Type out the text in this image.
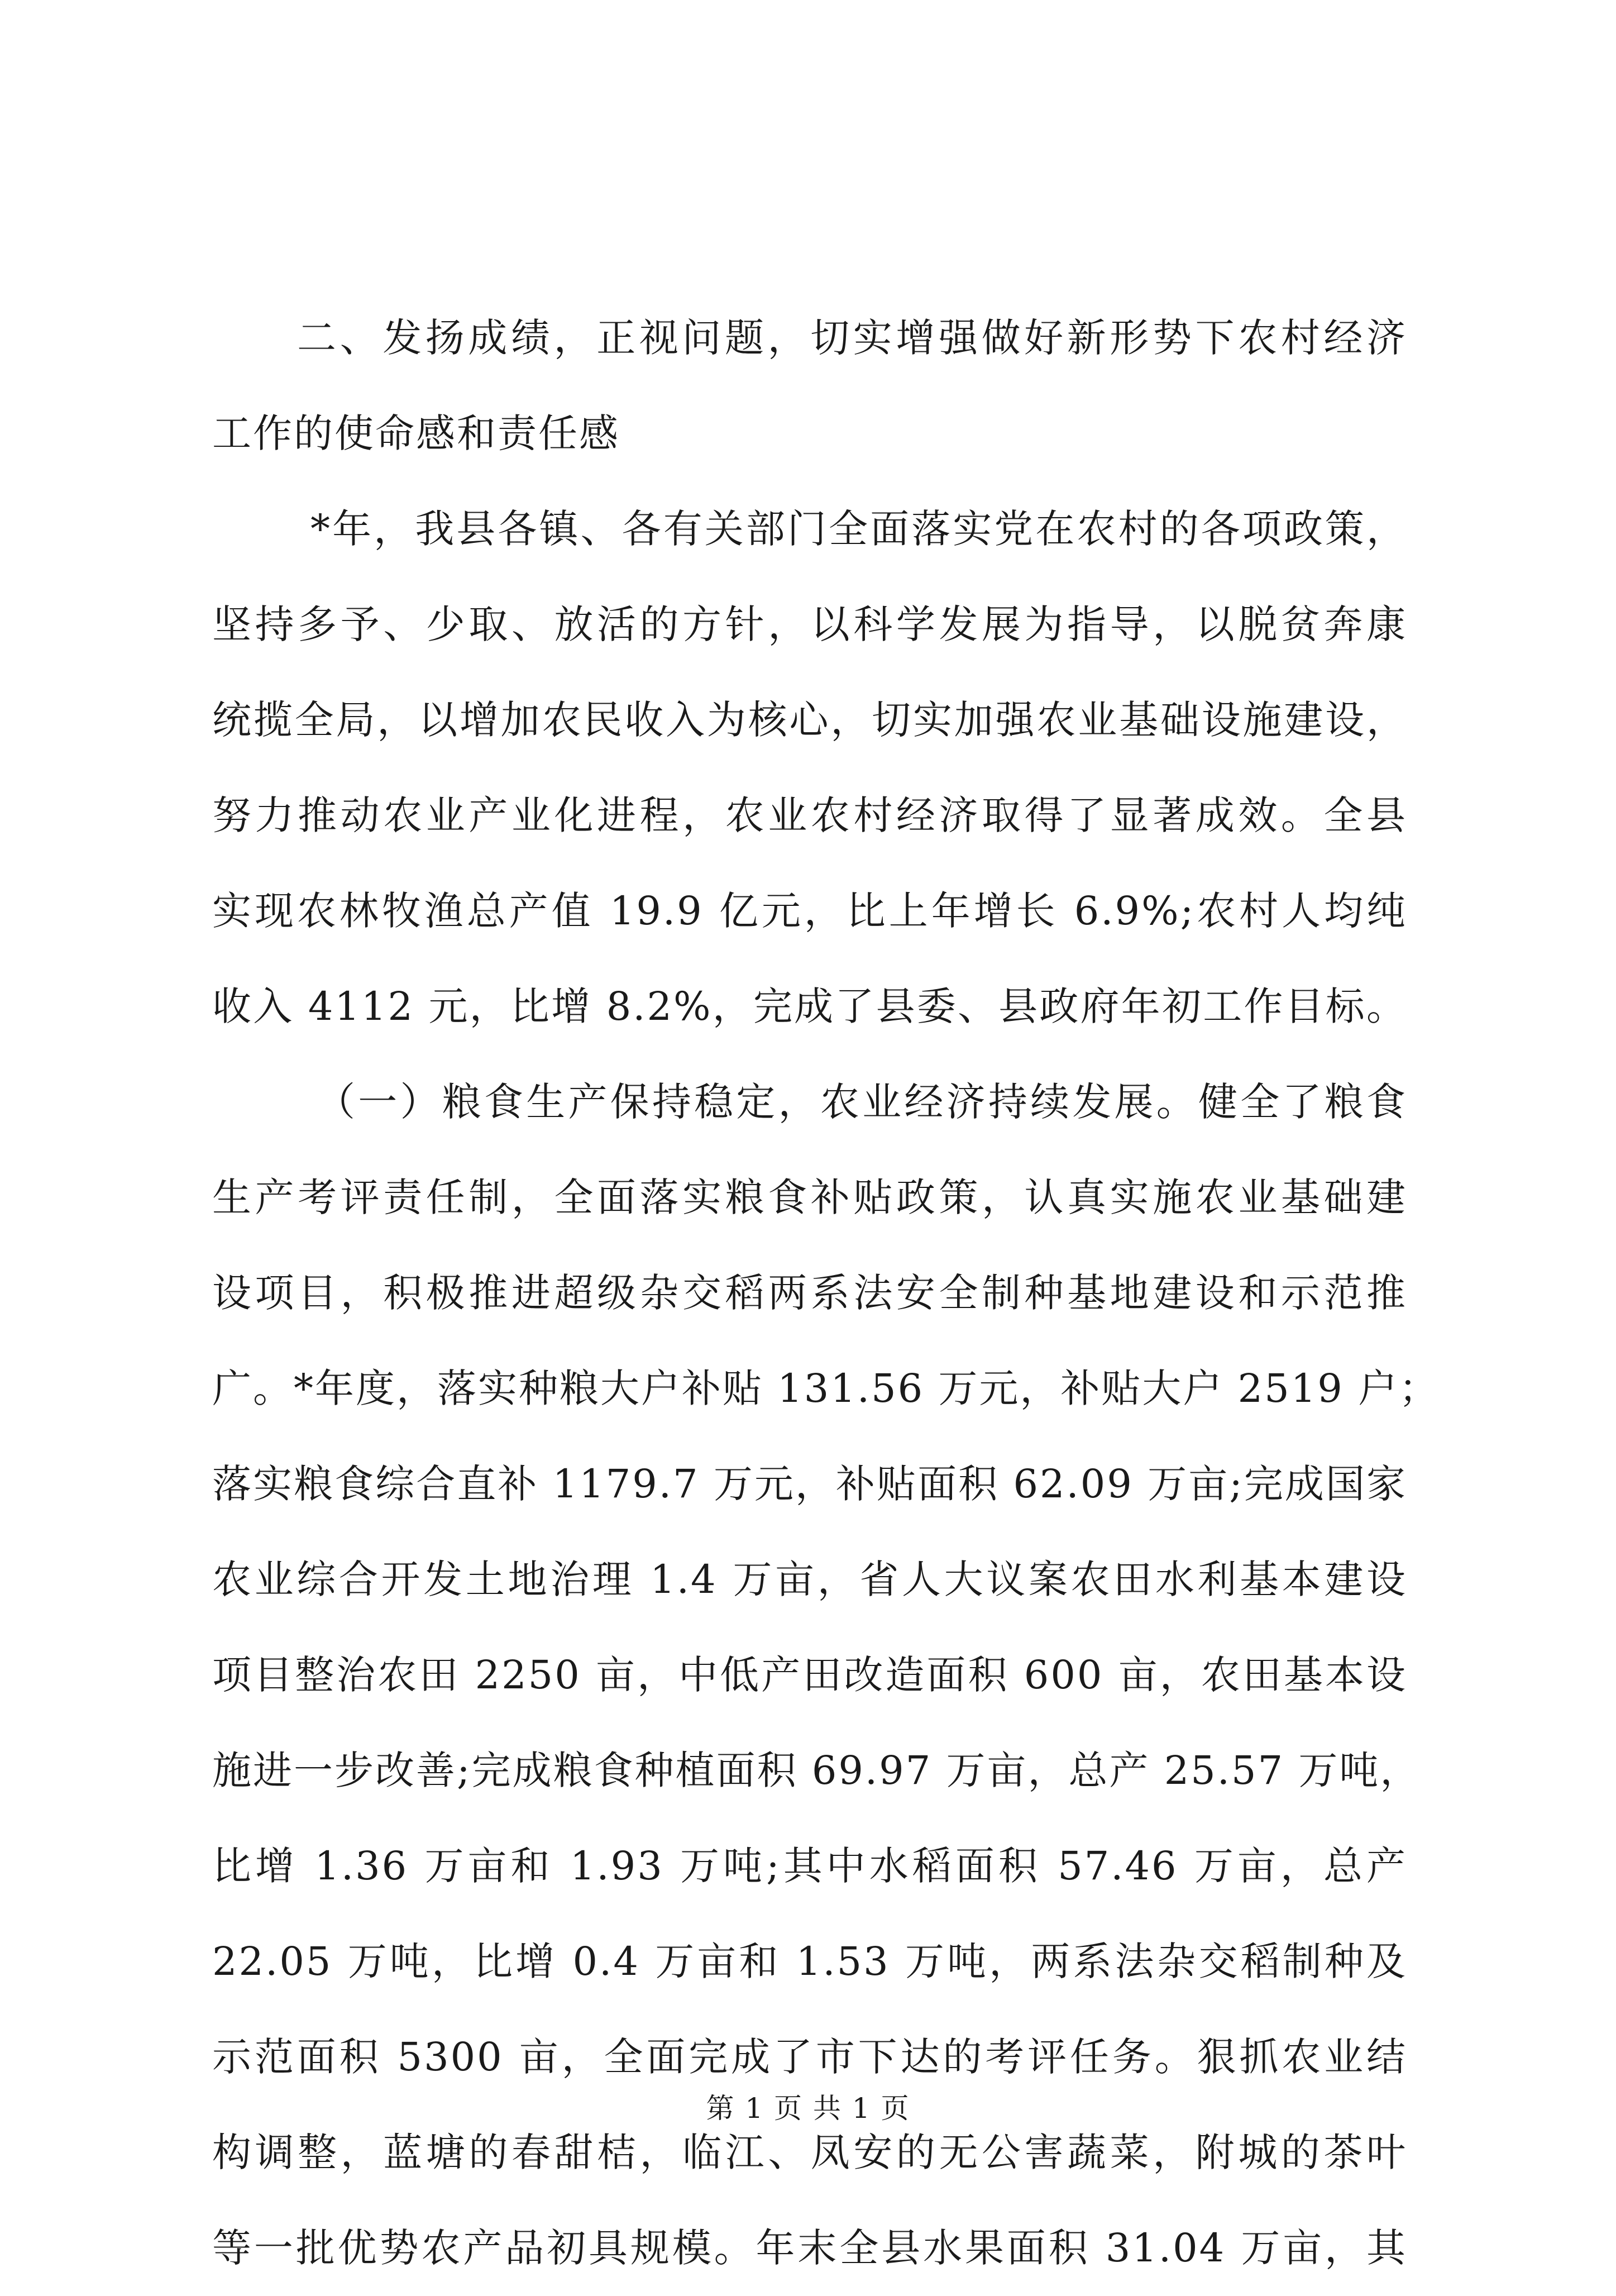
二、发扬成绩，正视问题，切实增强做好新形势下农村经济
工作的使命感和责任感
*年，我县各镇、各有关部门全面落实党在农村的各项政策，
坚持多予、少取、放活的方针，以科学发展为指导，以脱贫奔康
统揽全局，以增加农民收入为核心，切实加强农业基础设施建设，
努力推动农业产业化进程，农业农村经济取得了显著成效。全县
实现农林牧渔总产值 19.9 亿元，比上年增长 6.9%;农村人均纯
收入 4112 元，比增 8.2%，完成了县委、县政府年初工作目标。
（一）粮食生产保持稳定，农业经济持续发展。健全了粮食
生产考评责任制，全面落实粮食补贴政策，认真实施农业基础建
设项目，积极推进超级杂交稻两系法安全制种基地建设和示范推
广。*年度，落实种粮大户补贴 131.56 万元，补贴大户 2519 户；
落实粮食综合直补 1179.7 万元，补贴面积 62.09 万亩;完成国家
农业综合开发土地治理 1.4 万亩，省人大议案农田水利基本建设
项目整治农田 2250 亩，中低产田改造面积 600 亩，农田基本设
施进一步改善;完成粮食种植面积 69.97 万亩，总产 25.57 万吨，
比增 1.36 万亩和 1.93 万吨;其中水稻面积 57.46 万亩，总产
22.05 万吨，比增 0.4 万亩和 1.53 万吨，两系法杂交稻制种及
示范面积 5300 亩，全面完成了市下达的考评任务。狠抓农业结
构调整，蓝塘的春甜桔，临江、凤安的无公害蔬菜，附城的茶叶
等一批优势农产品初具规模。年末全县水果面积 31.04 万亩，其
第 1 页 共 1 页
